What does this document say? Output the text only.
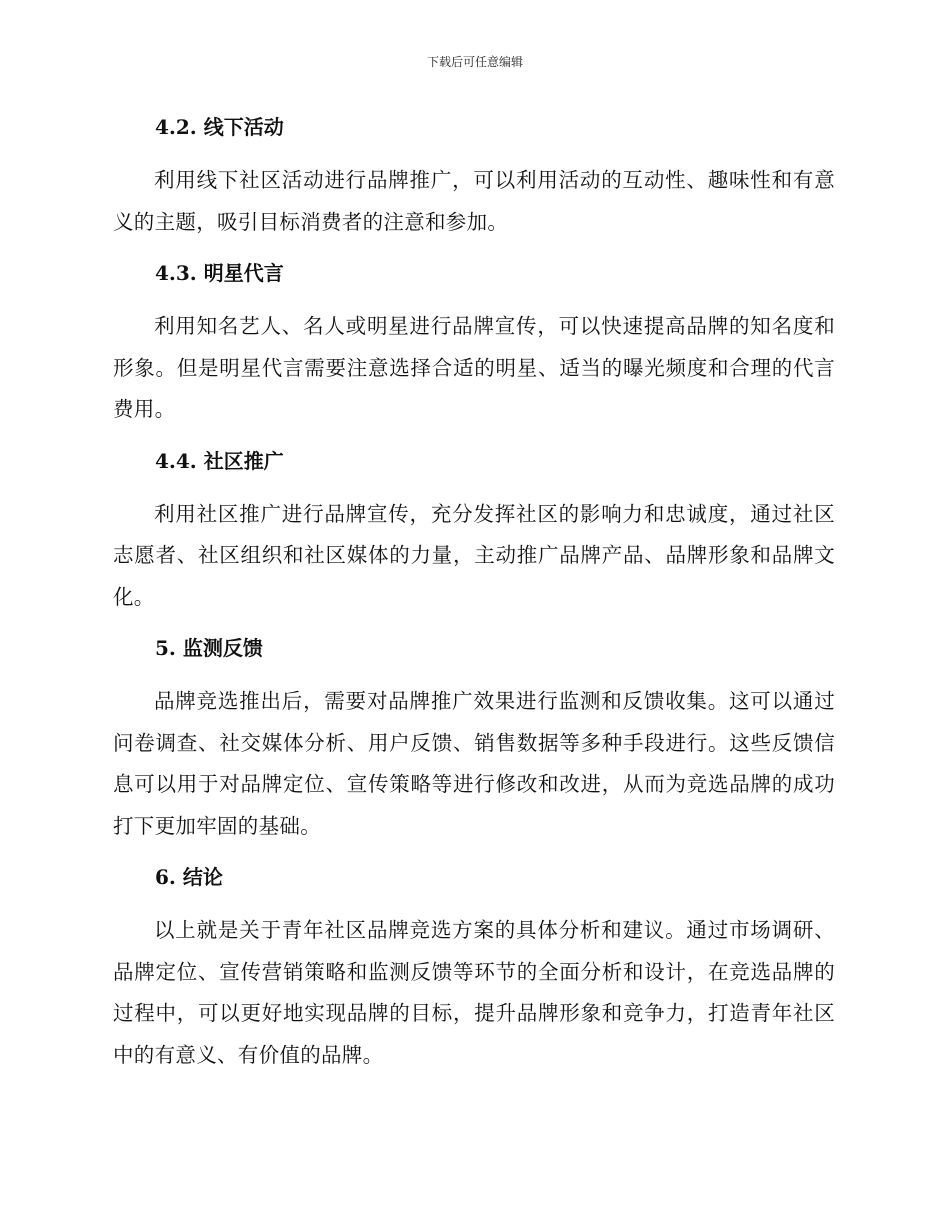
下载后可任意编辑
4.2. 线下活动

利用线下社区活动进行品牌推广，可以利用活动的互动性、趣味性和有意义的主题，吸引目标消费者的注意和参加。

4.3. 明星代言

利用知名艺人、名人或明星进行品牌宣传，可以快速提高品牌的知名度和形象。但是明星代言需要注意选择合适的明星、适当的曝光频度和合理的代言费用。

4.4. 社区推广

利用社区推广进行品牌宣传，充分发挥社区的影响力和忠诚度，通过社区志愿者、社区组织和社区媒体的力量，主动推广品牌产品、品牌形象和品牌文化。

5. 监测反馈

品牌竞选推出后，需要对品牌推广效果进行监测和反馈收集。这可以通过问卷调查、社交媒体分析、用户反馈、销售数据等多种手段进行。这些反馈信息可以用于对品牌定位、宣传策略等进行修改和改进，从而为竞选品牌的成功打下更加牢固的基础。

6. 结论

以上就是关于青年社区品牌竞选方案的具体分析和建议。通过市场调研、品牌定位、宣传营销策略和监测反馈等环节的全面分析和设计，在竞选品牌的过程中，可以更好地实现品牌的目标，提升品牌形象和竞争力，打造青年社区中的有意义、有价值的品牌。
